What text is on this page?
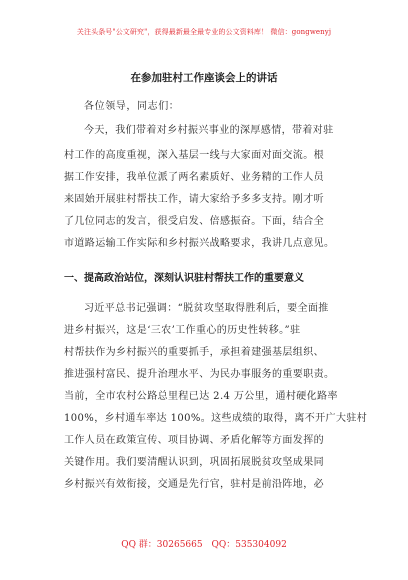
关注头条号"公文研究"，获得最新最全最专业的公文资料库！ 微信：gongwenyj
在参加驻村工作座谈会上的讲话
各位领导，同志们：
今天，我们带着对乡村振兴事业的深厚感情，带着对驻
村工作的高度重视，深入基层一线与大家面对面交流。根
据工作安排，我单位派了两名素质好、业务精的工作人员
来固始开展驻村帮扶工作，请大家给予多多支持。刚才听
了几位同志的发言，很受启发、倍感振奋。下面，结合全
市道路运输工作实际和乡村振兴战略要求，我讲几点意见。
一、提高政治站位，深刻认识驻村帮扶工作的重要意义
习近平总书记强调：“脱贫攻坚取得胜利后，要全面推
进乡村振兴，这是‘三农’工作重心的历史性转移。”驻
村帮扶作为乡村振兴的重要抓手，承担着建强基层组织、
推进强村富民、提升治理水平、为民办事服务的重要职责。
当前，全市农村公路总里程已达 2.4 万公里，通村硬化路率
100%，乡村通车率达 100%。这些成绩的取得，离不开广大驻村
工作人员在政策宣传、项目协调、矛盾化解等方面发挥的
关键作用。我们要清醒认识到，巩固拓展脱贫攻坚成果同
乡村振兴有效衔接，交通是先行官，驻村是前沿阵地，必
QQ 群：30265665 QQ：535304092
